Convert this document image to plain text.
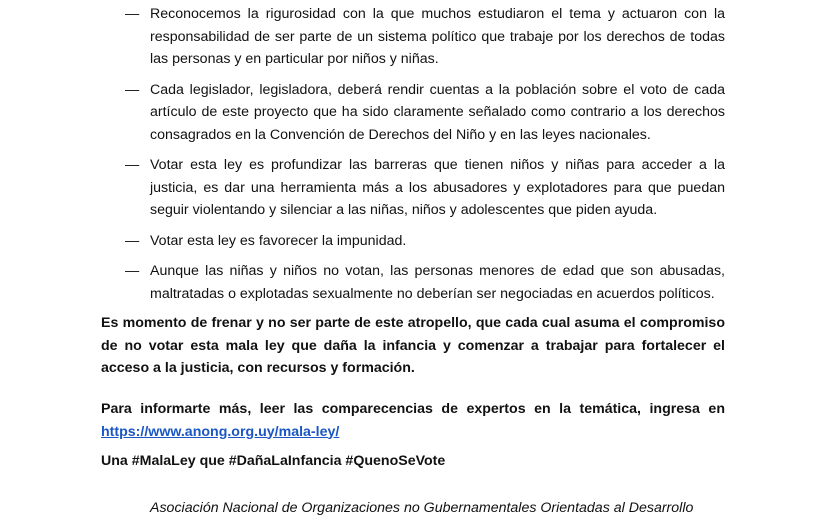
— Reconocemos la rigurosidad con la que muchos estudiaron el tema y actuaron con la responsabilidad de ser parte de un sistema político que trabaje por los derechos de todas las personas y en particular por niños y niñas.
— Cada legislador, legisladora, deberá rendir cuentas a la población sobre el voto de cada artículo de este proyecto que ha sido claramente señalado como contrario a los derechos consagrados en la Convención de Derechos del Niño y en las leyes nacionales.
— Votar esta ley es profundizar las barreras que tienen niños y niñas para acceder a la justicia, es dar una herramienta más a los abusadores y explotadores para que puedan seguir violentando y silenciar a las niñas, niños y adolescentes que piden ayuda.
— Votar esta ley es favorecer la impunidad.
— Aunque las niñas y niños no votan, las personas menores de edad que son abusadas, maltratadas o explotadas sexualmente no deberían ser negociadas en acuerdos políticos.
Es momento de frenar y no ser parte de este atropello, que cada cual asuma el compromiso de no votar esta mala ley que daña la infancia y comenzar a trabajar para fortalecer el acceso a la justicia, con recursos y formación.
Para informarte más, leer las comparecencias de expertos en la temática, ingresa en https://www.anong.org.uy/mala-ley/
Una #MalaLey que #DañaLaInfancia #QuenoSeVote
Asociación Nacional de Organizaciones no Gubernamentales Orientadas al Desarrollo
